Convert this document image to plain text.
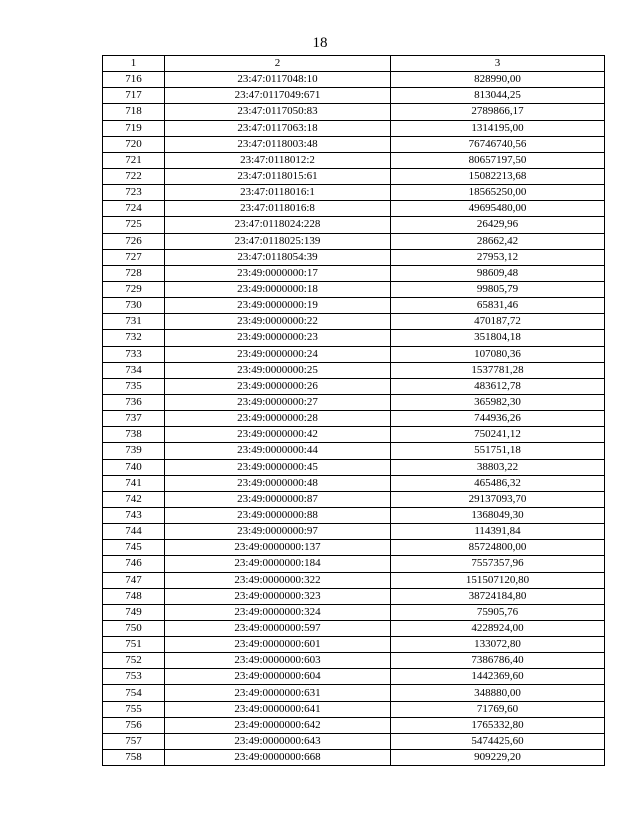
18
1	2	3
716	23:47:0117048:10	828990,00
717	23:47:0117049:671	813044,25
718	23:47:0117050:83	2789866,17
719	23:47:0117063:18	1314195,00
720	23:47:0118003:48	76746740,56
721	23:47:0118012:2	80657197,50
722	23:47:0118015:61	15082213,68
723	23:47:0118016:1	18565250,00
724	23:47:0118016:8	49695480,00
725	23:47:0118024:228	26429,96
726	23:47:0118025:139	28662,42
727	23:47:0118054:39	27953,12
728	23:49:0000000:17	98609,48
729	23:49:0000000:18	99805,79
730	23:49:0000000:19	65831,46
731	23:49:0000000:22	470187,72
732	23:49:0000000:23	351804,18
733	23:49:0000000:24	107080,36
734	23:49:0000000:25	1537781,28
735	23:49:0000000:26	483612,78
736	23:49:0000000:27	365982,30
737	23:49:0000000:28	744936,26
738	23:49:0000000:42	750241,12
739	23:49:0000000:44	551751,18
740	23:49:0000000:45	38803,22
741	23:49:0000000:48	465486,32
742	23:49:0000000:87	29137093,70
743	23:49:0000000:88	1368049,30
744	23:49:0000000:97	114391,84
745	23:49:0000000:137	85724800,00
746	23:49:0000000:184	7557357,96
747	23:49:0000000:322	151507120,80
748	23:49:0000000:323	38724184,80
749	23:49:0000000:324	75905,76
750	23:49:0000000:597	4228924,00
751	23:49:0000000:601	133072,80
752	23:49:0000000:603	7386786,40
753	23:49:0000000:604	1442369,60
754	23:49:0000000:631	348880,00
755	23:49:0000000:641	71769,60
756	23:49:0000000:642	1765332,80
757	23:49:0000000:643	5474425,60
758	23:49:0000000:668	909229,20
